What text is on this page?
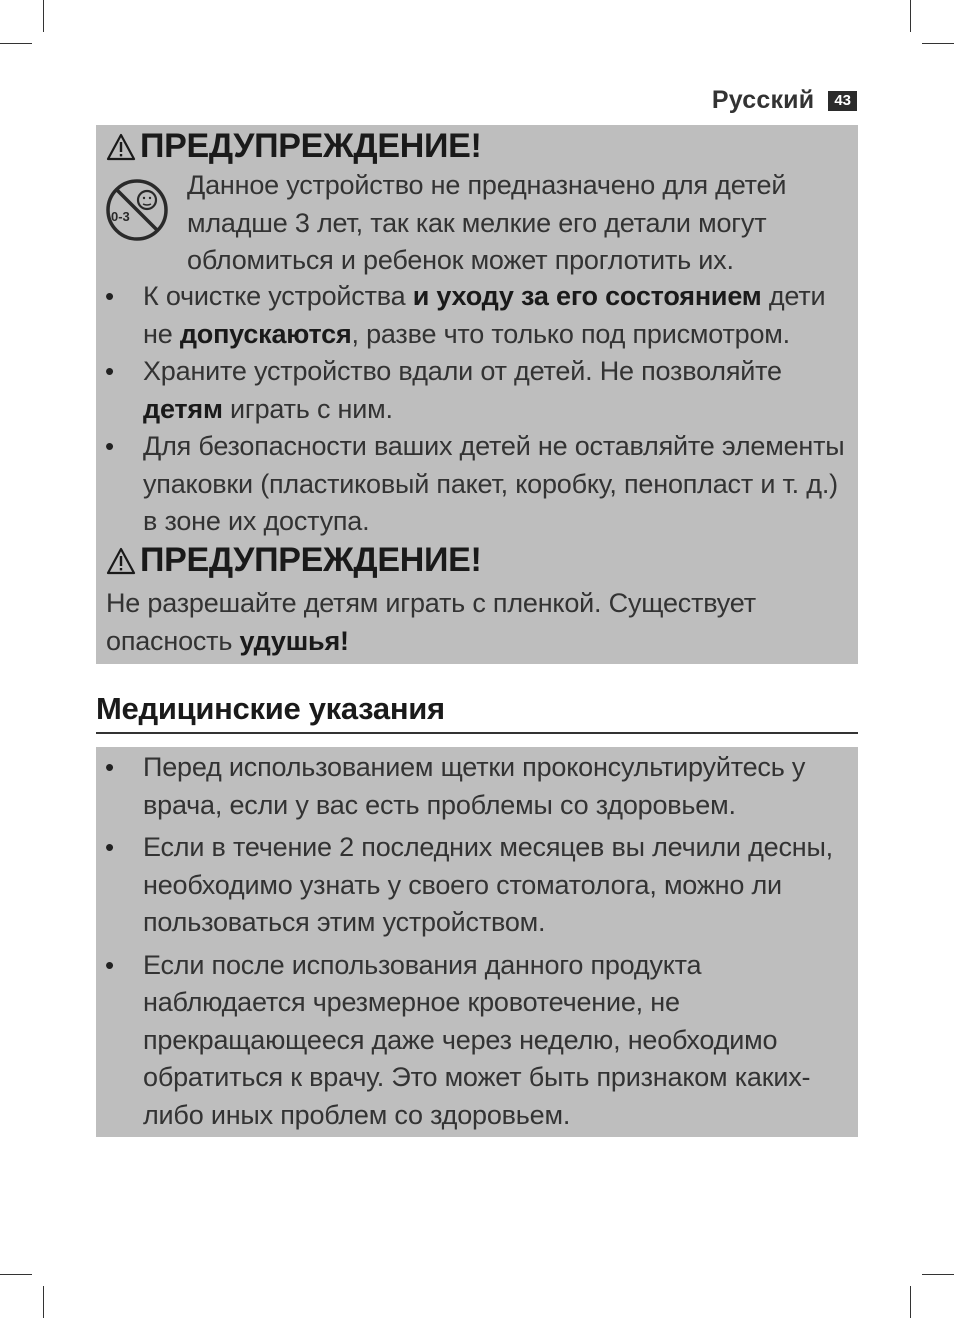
Русский	43
ПРЕДУПРЕЖДЕНИЕ!
0-3

Данное устройство не предназначено для детей младше 3 лет, так как мелкие его детали могут обломиться и ребенок может проглотить их.

• К очистке устройства и уходу за его состоянием дети не допускаются, разве что только под присмотром.
• Храните устройство вдали от детей. Не позволяйте детям играть с ним.
• Для безопасности ваших детей не оставляйте элементы упаковки (пластиковый пакет, коробку, пенопласт и т. д.) в зоне их доступа.
ПРЕДУПРЕЖДЕНИЕ!

Не разрешайте детям играть с пленкой. Существует опасность удушья!

Медицинские указания
• Перед использованием щетки проконсультируйтесь у врача, если у вас есть проблемы со здоровьем.
• Если в течение 2 последних месяцев вы лечили десны, необходимо узнать у своего стоматолога, можно ли пользоваться этим устройством.
• Если после использования данного продукта наблюдается чрезмерное кровотечение, не прекращающееся даже через неделю, необходимо обратиться к врачу. Это может быть признаком каких-либо иных проблем со здоровьем.
